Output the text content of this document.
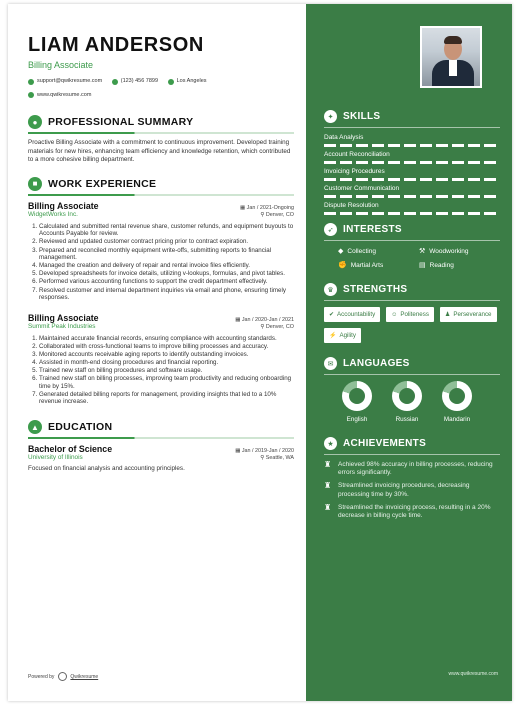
LIAM ANDERSON
Billing Associate
support@qwikresume.com
	(123) 456 7899
	Los Angeles

www.qwikresume.com
●	PROFESSIONAL SUMMARY
Proactive Billing Associate with a commitment to continuous improvement. Developed training materials for new hires, enhancing team efficiency and knowledge retention, which contributed to a more cohesive billing department.
■	WORK EXPERIENCE
Billing Associate	▦ Jan / 2021-Ongoing
WidgetWorks Inc.	⚲ Denver, CO
1. Calculated and submitted rental revenue share, customer refunds, and equipment buyouts to Accounts Payable for review.
2. Reviewed and updated customer contract pricing prior to contract expiration.
3. Prepared and reconciled monthly equipment write-offs, submitting reports to financial management.
4. Managed the creation and delivery of repair and rental invoice files efficiently.
5. Developed spreadsheets for invoice details, utilizing v-lookups, formulas, and pivot tables.
6. Performed various accounting functions to support the credit department effectively.
7. Resolved customer and internal department inquiries via email and phone, ensuring timely responses.
Billing Associate	▦ Jan / 2020-Jan / 2021
Summit Peak Industries	⚲ Denver, CO
1. Maintained accurate financial records, ensuring compliance with accounting standards.
2. Collaborated with cross-functional teams to improve billing processes and accuracy.
3. Monitored accounts receivable aging reports to identify outstanding invoices.
4. Assisted in month-end closing procedures and financial reporting.
5. Trained new staff on billing procedures and software usage.
6. Trained new staff on billing processes, improving team productivity and reducing onboarding time by 15%.
7. Generated detailed billing reports for management, providing insights that led to a 10% revenue increase.
▲ EDUCATION
Bachelor of Science	▦ Jan / 2019-Jan / 2020
University of Illinois	⚲ Seattle, WA
Focused on financial analysis and accounting principles.
Powered by	Qwikresume
✦ SKILLS
Data Analysis
Account Reconciliation
Invoicing Procedures
Customer Communication
Dispute Resolution
➶ INTERESTS
◆ Collecting	⚒ Woodworking
✊ Martial Arts	▤ Reading
♛ STRENGTHS
✔ Accountability	☺ Politeness	♟ Perseverance
⚡ Agility
✉ LANGUAGES
English	Russian	Mandarin
★ ACHIEVEMENTS
♜	Achieved 98% accuracy in billing processes, reducing errors significantly.
♜	Streamlined invoicing procedures, decreasing processing time by 30%.
♜	Streamlined the invoicing process, resulting in a 20% decrease in billing cycle time.
www.qwikresume.com
